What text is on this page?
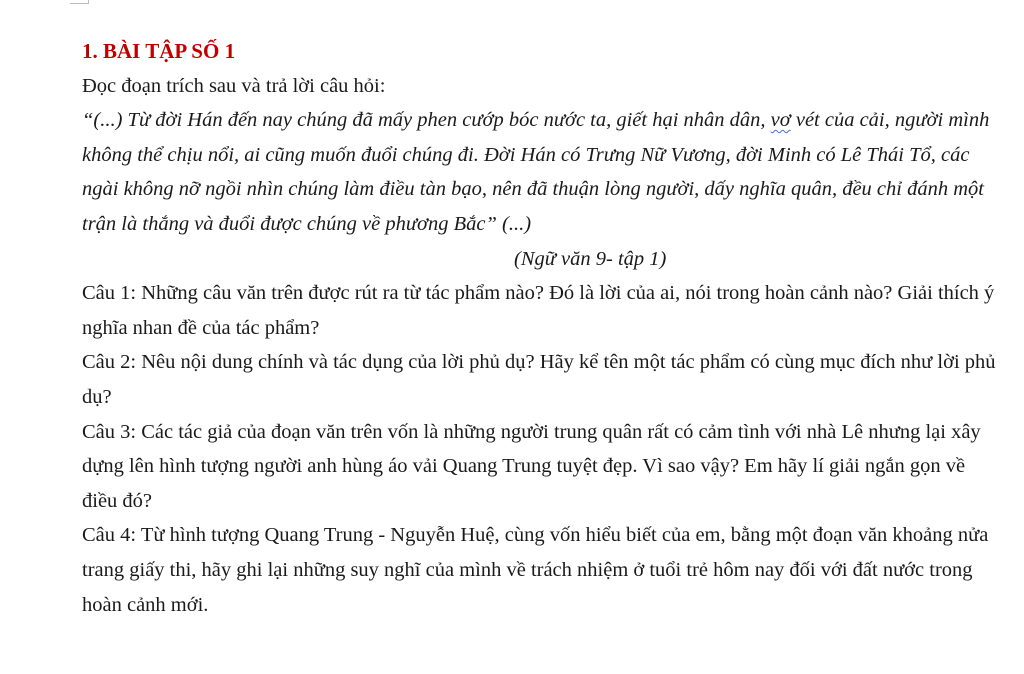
1. BÀI TẬP SỐ 1

Đọc đoạn trích sau và trả lời câu hỏi:

“(...) Từ đời Hán đến nay chúng đã mấy phen cướp bóc nước ta, giết hại nhân dân, vơ vét của cải, người mình không thể chịu nổi, ai cũng muốn đuổi chúng đi. Đời Hán có Trưng Nữ Vương, đời Minh có Lê Thái Tổ, các ngài không nỡ ngồi nhìn chúng làm điều tàn bạo, nên đã thuận lòng người, dấy nghĩa quân, đều chỉ đánh một trận là thắng và đuổi được chúng về phương Bắc” (...)

(Ngữ văn 9- tập 1)

Câu 1: Những câu văn trên được rút ra từ tác phẩm nào? Đó là lời của ai, nói trong hoàn cảnh nào? Giải thích ý nghĩa nhan đề của tác phẩm?

Câu 2: Nêu nội dung chính và tác dụng của lời phủ dụ? Hãy kể tên một tác phẩm có cùng mục đích như lời phủ dụ?

Câu 3: Các tác giả của đoạn văn trên vốn là những người trung quân rất có cảm tình với nhà Lê nhưng lại xây dựng lên hình tượng người anh hùng áo vải Quang Trung tuyệt đẹp. Vì sao vậy? Em hãy lí giải ngắn gọn về điều đó?

Câu 4: Từ hình tượng Quang Trung - Nguyễn Huệ, cùng vốn hiểu biết của em, bằng một đoạn văn khoảng nửa trang giấy thi, hãy ghi lại những suy nghĩ của mình về trách nhiệm ở tuổi trẻ hôm nay đối với đất nước trong hoàn cảnh mới.
